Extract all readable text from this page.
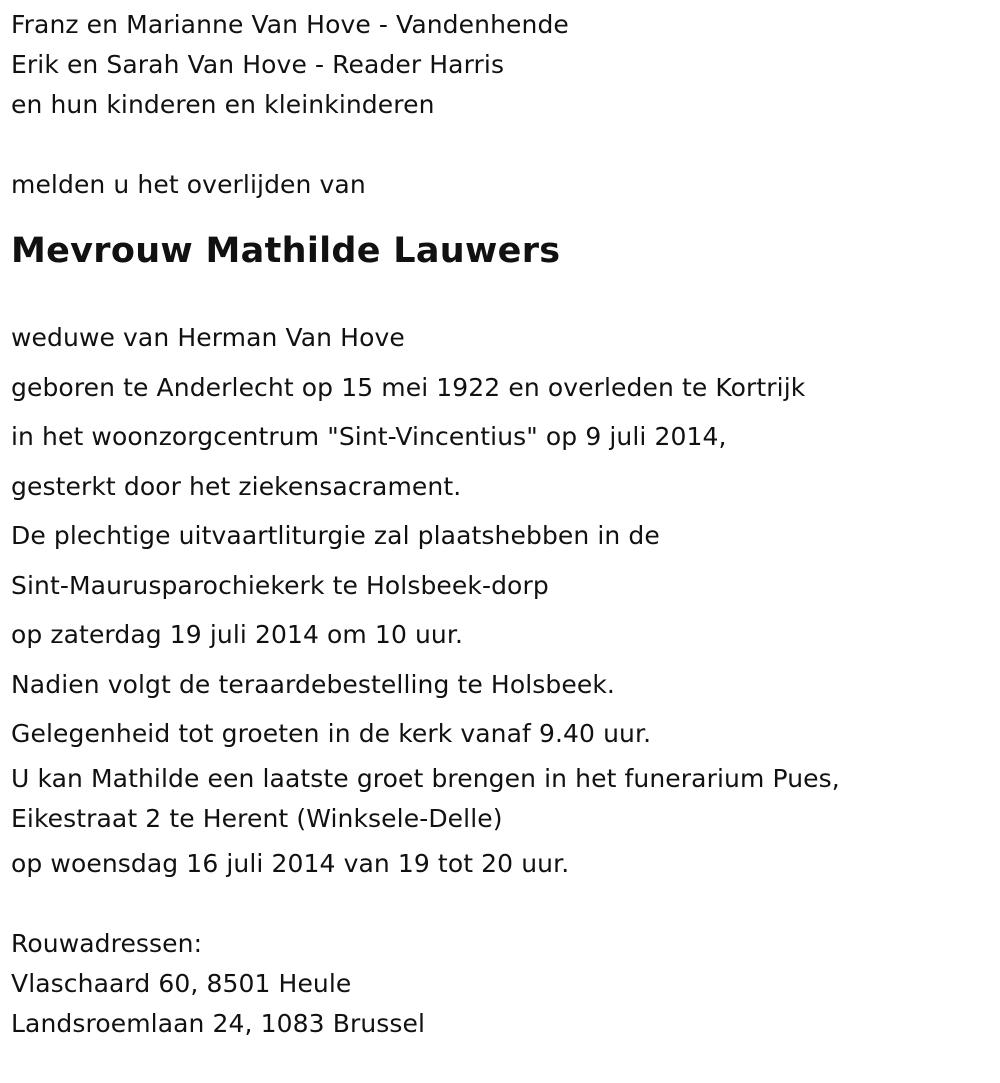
Franz en Marianne Van Hove - Vandenhende
Erik en Sarah Van Hove - Reader Harris
en hun kinderen en kleinkinderen
melden u het overlijden van
Mevrouw Mathilde Lauwers
weduwe van Herman Van Hove
geboren te Anderlecht op 15 mei 1922 en overleden te Kortrijk
in het woonzorgcentrum "Sint-Vincentius" op 9 juli 2014,
gesterkt door het ziekensacrament.
De plechtige uitvaartliturgie zal plaatshebben in de
Sint-Maurusparochiekerk te Holsbeek-dorp
op zaterdag 19 juli 2014 om 10 uur.
Nadien volgt de teraardebestelling te Holsbeek.
Gelegenheid tot groeten in de kerk vanaf 9.40 uur.
U kan Mathilde een laatste groet brengen in het funerarium Pues,
Eikestraat 2 te Herent (Winksele-Delle)
op woensdag 16 juli 2014 van 19 tot 20 uur.
Rouwadressen:
Vlaschaard 60, 8501 Heule
Landsroemlaan 24, 1083 Brussel
